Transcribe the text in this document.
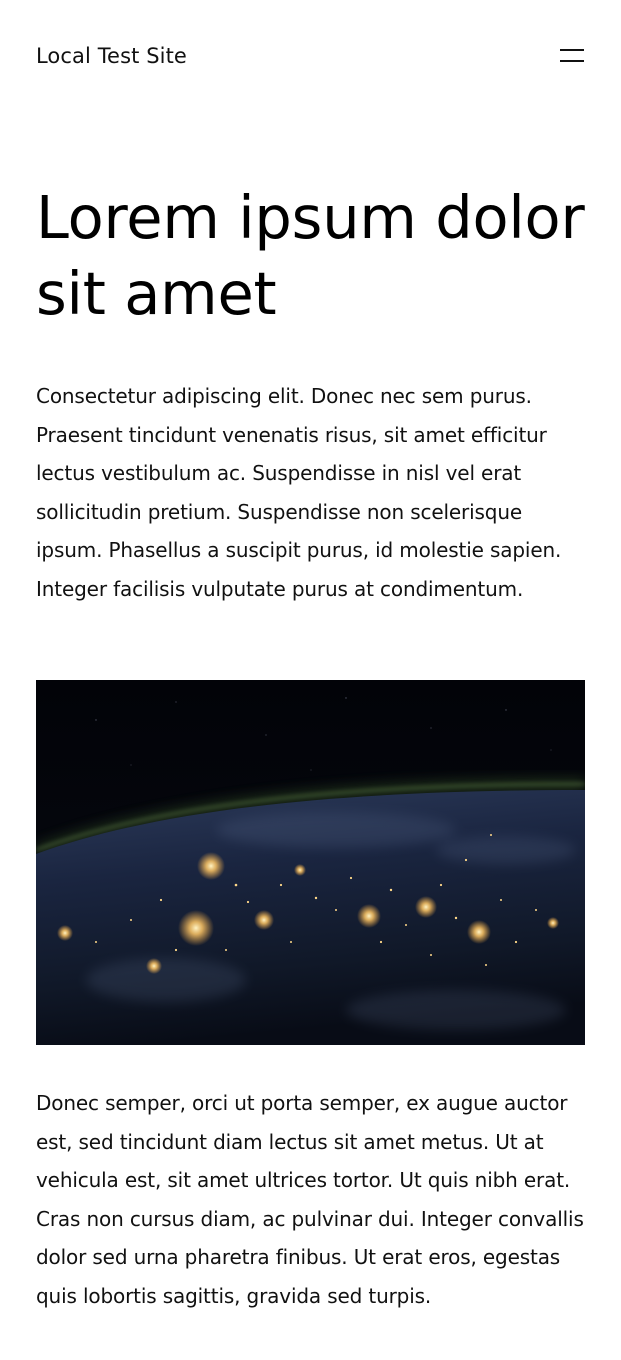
Local Test Site
Lorem ipsum dolor sit amet

Consectetur adipiscing elit. Donec nec sem purus. Praesent tincidunt venenatis risus, sit amet efficitur lectus vestibulum ac. Suspendisse in nisl vel erat sollicitudin pretium. Suspendisse non scelerisque ipsum. Phasellus a suscipit purus, id molestie sapien. Integer facilisis vulputate purus at condimentum.

Donec semper, orci ut porta semper, ex augue auctor est, sed tincidunt diam lectus sit amet metus. Ut at vehicula est, sit amet ultrices tortor. Ut quis nibh erat. Cras non cursus diam, ac pulvinar dui. Integer convallis dolor sed urna pharetra finibus. Ut erat eros, egestas quis lobortis sagittis, gravida sed turpis.
